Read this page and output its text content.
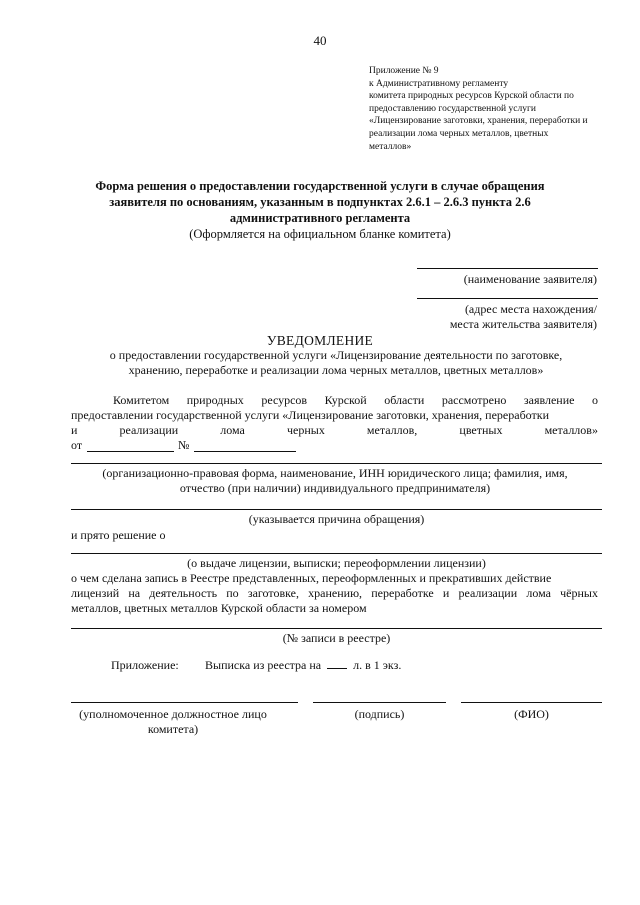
40
Приложение № 9
к Административному регламенту
комитета природных ресурсов Курской области по
предоставлению государственной услуги
«Лицензирование заготовки, хранения, переработки и
реализации лома черных металлов, цветных
металлов»
Форма решения о предоставлении государственной услуги в случае обращения
заявителя по основаниям, указанным в подпунктах 2.6.1 – 2.6.3 пункта 2.6
административного регламента
(Оформляется на официальном бланке комитета)
(наименование заявителя)
(адрес места нахождения/
места жительства заявителя)
УВЕДОМЛЕНИЕ
о предоставлении государственной услуги «Лицензирование деятельности по заготовке,
хранению, переработке и реализации лома черных металлов, цветных металлов»
Комитетом природных ресурсов Курской области рассмотрено заявление о
предоставлении государственной услуги «Лицензирование заготовки, хранения, переработки
и	реализации	лома	черных	металлов,	цветных	металлов»
от	№
(организационно-правовая форма, наименование, ИНН юридического лица; фамилия, имя,
отчество (при наличии) индивидуального предпринимателя)
(указывается причина обращения)
и прято решение о
(о выдаче лицензии, выписки; переоформлении лицензии)
о чем сделана запись в Реестре представленных, переоформленных и прекративших действие
лицензий на деятельность по заготовке, хранению, переработке и реализации лома чёрных
металлов, цветных металлов Курской области за номером
(№ записи в реестре)
Приложение: Выписка из реестра на	л. в 1 экз.
(уполномоченное должностное лицо
комитета)
(подпись)	(ФИО)
